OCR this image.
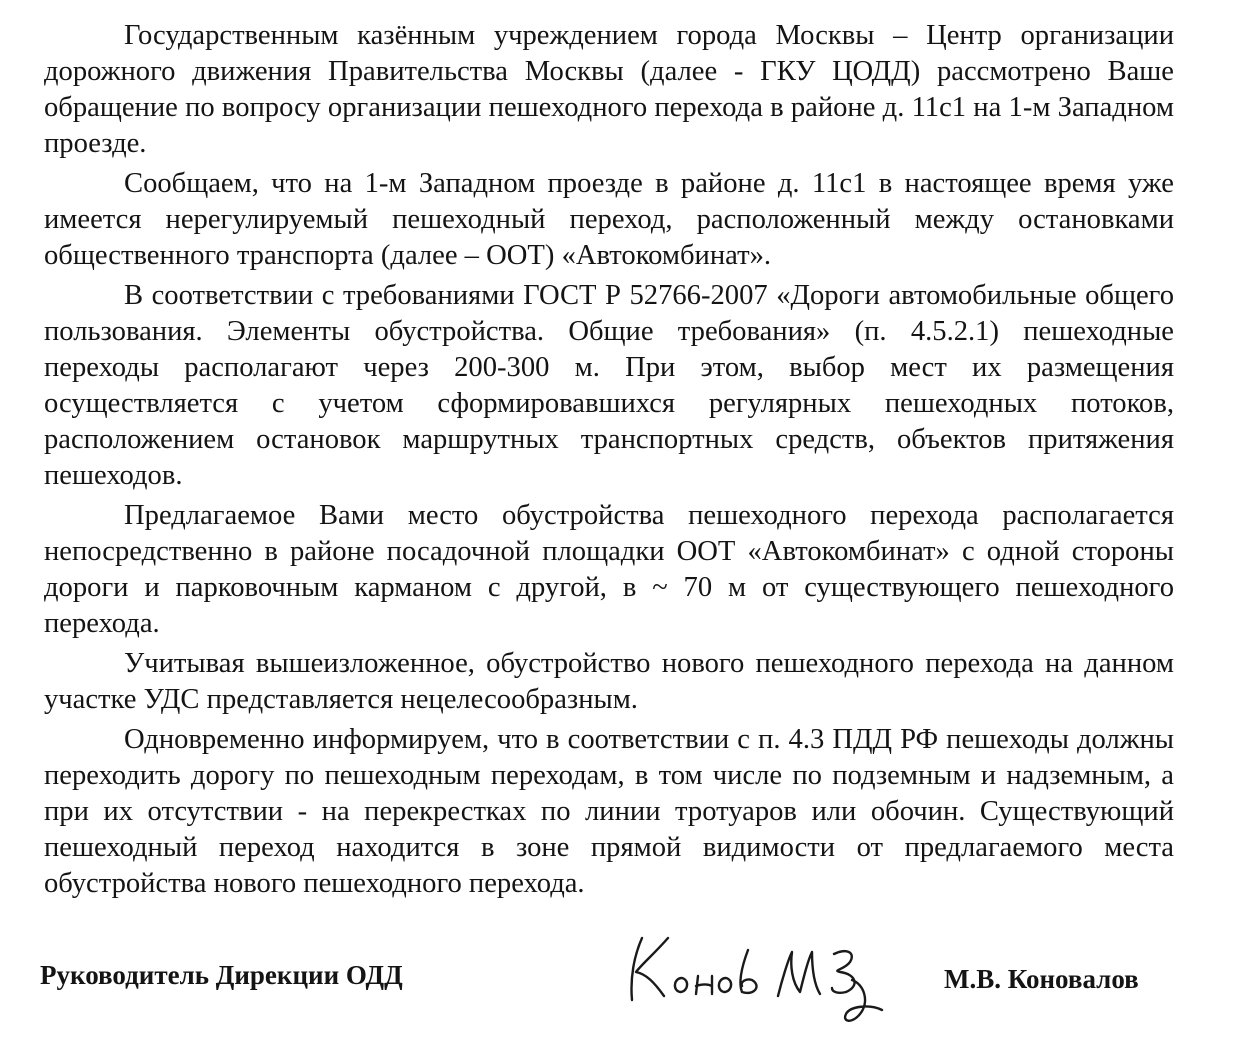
Государственным казённым учреждением города Москвы – Центр организации дорожного движения Правительства Москвы (далее - ГКУ ЦОДД) рассмотрено Ваше обращение по вопросу организации пешеходного перехода в районе д. 11с1 на 1-м Западном проезде.

Сообщаем, что на 1-м Западном проезде в районе д. 11с1 в настоящее время уже имеется нерегулируемый пешеходный переход, расположенный между остановками общественного транспорта (далее – ООТ) «Автокомбинат».

В соответствии с требованиями ГОСТ Р 52766-2007 «Дороги автомобильные общего пользования. Элементы обустройства. Общие требования» (п. 4.5.2.1) пешеходные переходы располагают через 200-300 м. При этом, выбор мест их размещения осуществляется с учетом сформировавшихся регулярных пешеходных потоков, расположением остановок маршрутных транспортных средств, объектов притяжения пешеходов.

Предлагаемое Вами место обустройства пешеходного перехода располагается непосредственно в районе посадочной площадки ООТ «Автокомбинат» с одной стороны дороги и парковочным карманом с другой, в ~ 70 м от существующего пешеходного перехода.

Учитывая вышеизложенное, обустройство нового пешеходного перехода на данном участке УДС представляется нецелесообразным.

Одновременно информируем, что в соответствии с п. 4.3 ПДД РФ пешеходы должны переходить дорогу по пешеходным переходам, в том числе по подземным и надземным, а при их отсутствии - на перекрестках по линии тротуаров или обочин. Существующий пешеходный переход находится в зоне прямой видимости от предлагаемого места обустройства нового пешеходного перехода.

Руководитель Дирекции ОДД	М.В. Коновалов
